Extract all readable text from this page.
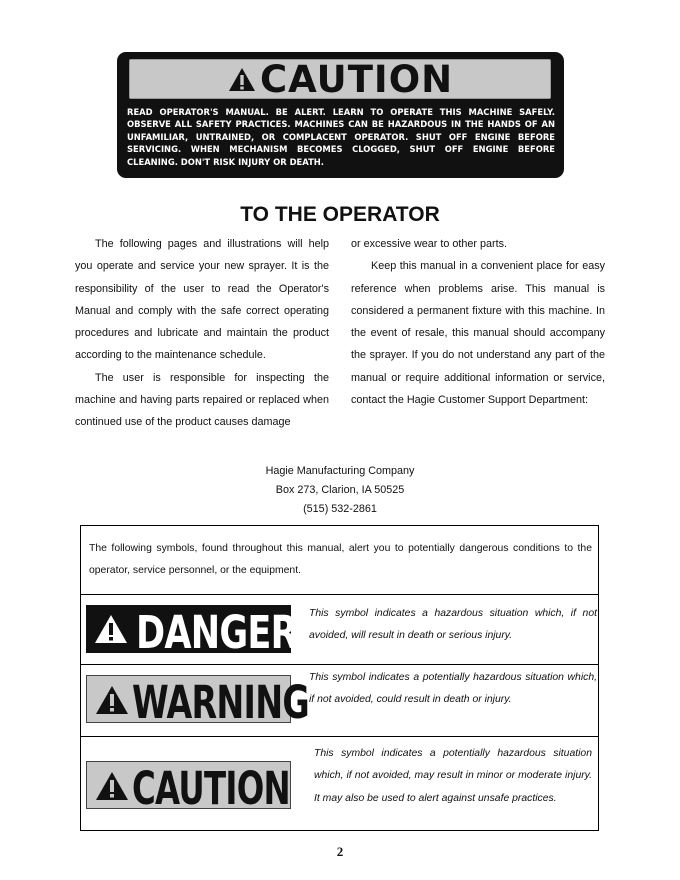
CAUTION
READ OPERATOR'S MANUAL. BE ALERT. LEARN TO OPERATE THIS MACHINE SAFELY. OBSERVE ALL SAFETY PRACTICES. MACHINES CAN BE HAZARDOUS IN THE HANDS OF AN UNFAMILIAR, UNTRAINED, OR COMPLACENT OPERATOR. SHUT OFF ENGINE BEFORE SERVICING. WHEN MECHANISM BECOMES CLOGGED, SHUT OFF ENGINE BEFORE CLEANING. DON'T RISK INJURY OR DEATH.
TO THE OPERATOR

The following pages and illustrations will help you operate and service your new sprayer. It is the responsibility of the user to read the Operator's Manual and comply with the safe correct operating procedures and lubricate and maintain the product according to the maintenance schedule.

The user is responsible for inspecting the machine and having parts repaired or replaced when continued use of the product causes damage

or excessive wear to other parts.

Keep this manual in a convenient place for easy reference when problems arise. This manual is considered a permanent fixture with this machine. In the event of resale, this manual should accompany the sprayer. If you do not understand any part of the manual or require additional information or service, contact the Hagie Customer Support Department:

Hagie Manufacturing Company
Box 273, Clarion, IA 50525
(515) 532-2861
The following symbols, found throughout this manual, alert you to potentially dangerous conditions to the operator, service personnel, or the equipment.
DANGER This symbol indicates a hazardous situation which, if not avoided, will result in death or serious injury.
WARNING This symbol indicates a potentially hazardous situation which, if not avoided, could result in death or injury.
CAUTION
This symbol indicates a potentially hazardous situation which, if not avoided, may result in minor or moderate injury. It may also be used to alert against unsafe practices.
2
